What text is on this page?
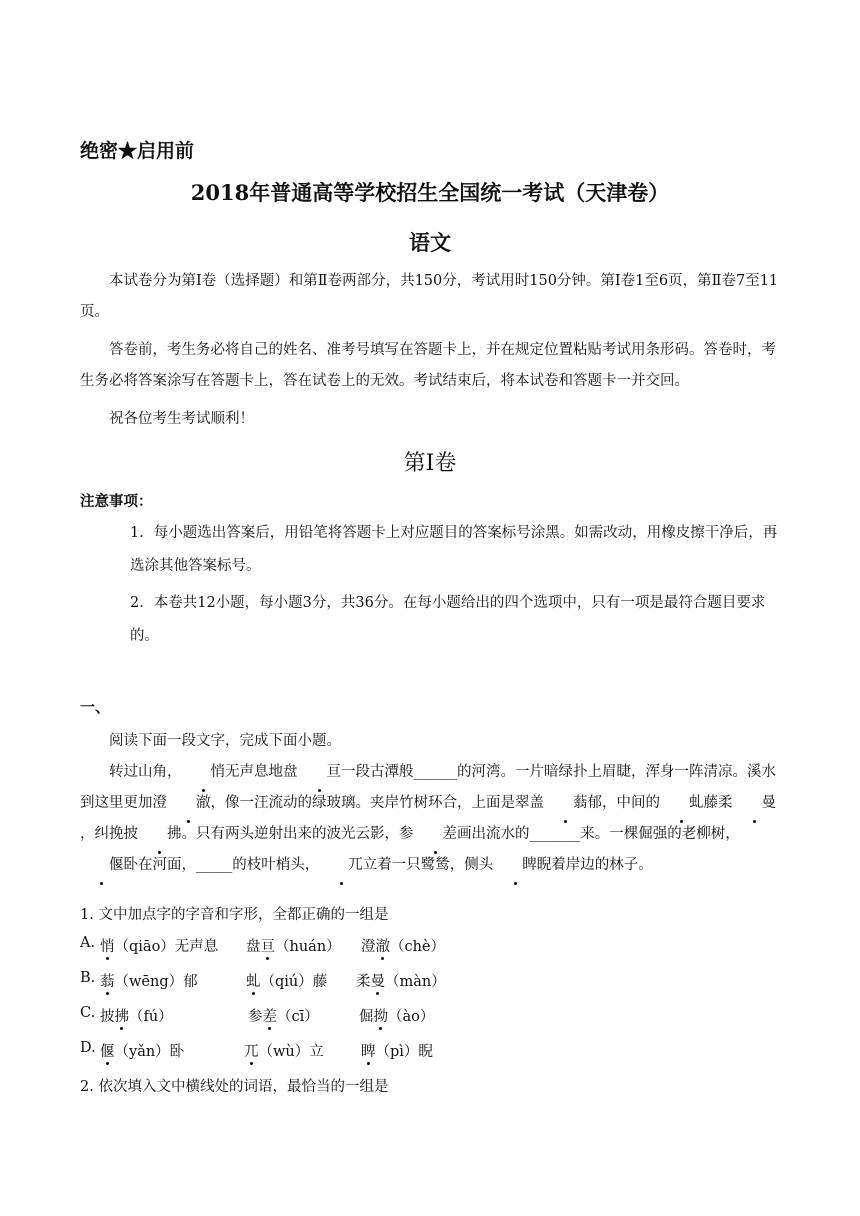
绝密★启用前
2018年普通高等学校招生全国统一考试（天津卷）
语文
本试卷分为第Ⅰ卷（选择题）和第Ⅱ卷两部分，共150分，考试用时150分钟。第Ⅰ卷1至6页，第Ⅱ卷7至11页。
答卷前，考生务必将自己的姓名、准考号填写在答题卡上，并在规定位置粘贴考试用条形码。答卷时，考生务必将答案涂写在答题卡上，答在试卷上的无效。考试结束后，将本试卷和答题卡一并交回。
祝各位考生考试顺利！
第Ⅰ卷
注意事项：
1．每小题选出答案后，用铅笔将答题卡上对应题目的答案标号涂黑。如需改动，用橡皮擦干净后，再选涂其他答案标号。
2．本卷共12小题，每小题3分，共36分。在每小题给出的四个选项中，只有一项是最符合题目要求的。
一、
阅读下面一段文字，完成下面小题。
转过山角， 悄无声息地盘 亘一段古潭般______的河湾。一片暗绿扑上眉睫，浑身一阵清凉。溪水到这里更加澄 澈，像一汪流动的绿玻璃。夹岸竹树环合，上面是翠盖 蓊郁，中间的 虬藤柔 曼，纠挽披 拂。只有两头逆射出来的波光云影，参 差画出流水的_______来。一棵倔强的老柳树，偃卧在河面，_____的枝叶梢头， 兀立着一只鹭鸶，侧头 睥睨着岸边的林子。
1. 文中加点字的字音和字形，全都正确的一组是
A. 悄（qiāo）无声息 盘亘（huán） 澄澈（chè）
B. 蓊（wēng）郁	虬（qiú）藤 柔曼（màn）
C. 披拂（fú）	参差（cī）	倔拗（ào）
D. 偃（yǎn）卧	兀（wù）立	睥（pì）睨
2. 依次填入文中横线处的词语，最恰当的一组是
